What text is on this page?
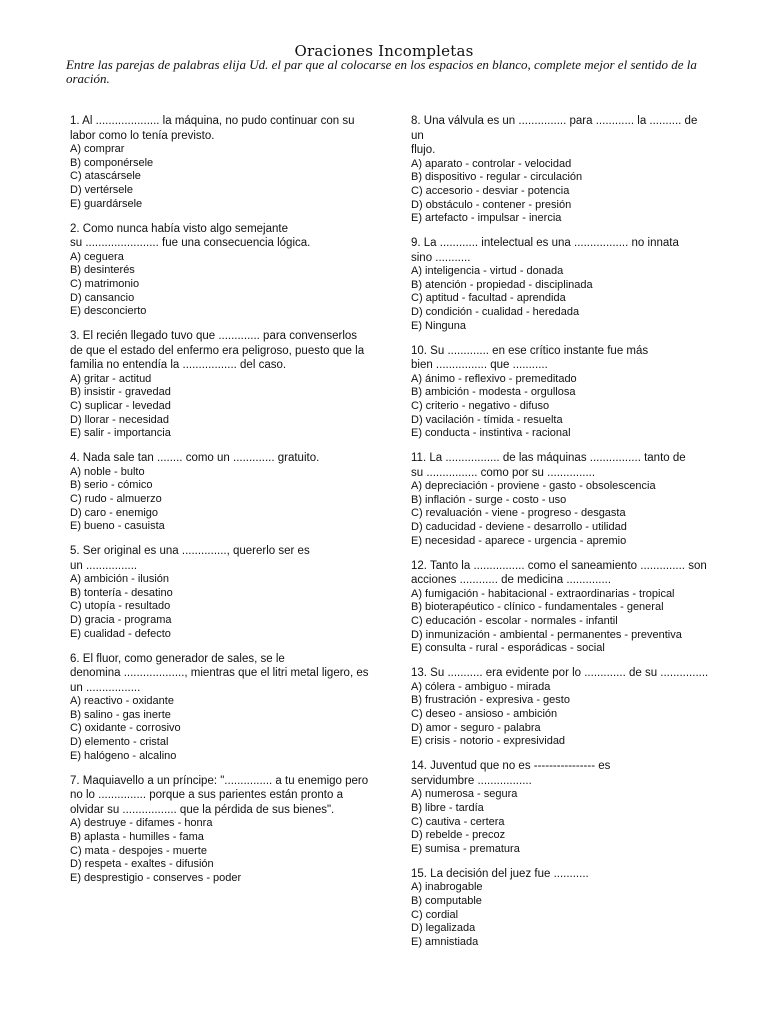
Oraciones Incompletas
Entre las parejas de palabras elija Ud. el par que al colocarse en los espacios en blanco, complete mejor el sentido de la oración.
1. Al .................... la máquina, no pudo continuar con su
labor como lo tenía previsto.
A) comprar
B) componérsele
C) atascársele
D) vertérsele
E) guardársele
2. Como nunca había visto algo semejante
su ....................... fue una consecuencia lógica.
A) ceguera
B) desinterés
C) matrimonio
D) cansancio
E) desconcierto
3. El recién llegado tuvo que ............. para convenserlos
de que el estado del enfermo era peligroso, puesto que la
familia no entendía la ................. del caso.
A) gritar - actitud
B) insistir - gravedad
C) suplicar - levedad
D) llorar - necesidad
E) salir - importancia
4. Nada sale tan ........ como un ............. gratuito.
A) noble - bulto
B) serio - cómico
C) rudo - almuerzo
D) caro - enemigo
E) bueno - casuista
5. Ser original es una .............., quererlo ser es
un ................
A) ambición - ilusión
B) tontería - desatino
C) utopía - resultado
D) gracia - programa
E) cualidad - defecto
6. El fluor, como generador de sales, se le
denomina ..................., mientras que el litri metal ligero, es
un .................
A) reactivo - oxidante
B) salino - gas inerte
C) oxidante - corrosivo
D) elemento - cristal
E) halógeno - alcalino
7. Maquiavello a un príncipe: "............... a tu enemigo pero
no lo ............... porque a sus parientes están pronto a
olvidar su ................. que la pérdida de sus bienes".
A) destruye - difames - honra
B) aplasta - humilles - fama
C) mata - despojes - muerte
D) respeta - exaltes - difusión
E) desprestigio - conserves - poder
8. Una válvula es un ............... para ............ la .......... de un
flujo.
A) aparato - controlar - velocidad
B) dispositivo - regular - circulación
C) accesorio - desviar - potencia
D) obstáculo - contener - presión
E) artefacto - impulsar - inercia
9. La ............ intelectual es una ................. no innata
sino ...........
A) inteligencia - virtud - donada
B) atención - propiedad - disciplinada
C) aptitud - facultad - aprendida
D) condición - cualidad - heredada
E) Ninguna
10. Su ............. en ese crítico instante fue más
bien ................ que ...........
A) ánimo - reflexivo - premeditado
B) ambición - modesta - orgullosa
C) criterio - negativo - difuso
D) vacilación - tímida - resuelta
E) conducta - instintiva - racional
11. La ................. de las máquinas ................ tanto de
su ................ como por su ...............
A) depreciación - proviene - gasto - obsolescencia
B) inflación - surge - costo - uso
C) revaluación - viene - progreso - desgasta
D) caducidad - deviene - desarrollo - utilidad
E) necesidad - aparece - urgencia - apremio
12. Tanto la ................ como el saneamiento .............. son
acciones ............ de medicina ..............
A) fumigación - habitacional - extraordinarias - tropical
B) bioterapéutico - clínico - fundamentales - general
C) educación - escolar - normales - infantil
D) inmunización - ambiental - permanentes - preventiva
E) consulta - rural - esporádicas - social
13. Su ........... era evidente por lo ............. de su ...............
A) cólera - ambiguo - mirada
B) frustración - expresiva - gesto
C) deseo - ansioso - ambición
D) amor - seguro - palabra
E) crisis - notorio - expresividad
14. Juventud que no es ---------------- es
servidumbre .................
A) numerosa - segura
B) libre - tardía
C) cautiva - certera
D) rebelde - precoz
E) sumisa - prematura
15. La decisión del juez fue ...........
A) inabrogable
B) computable
C) cordial
D) legalizada
E) amnistiada
